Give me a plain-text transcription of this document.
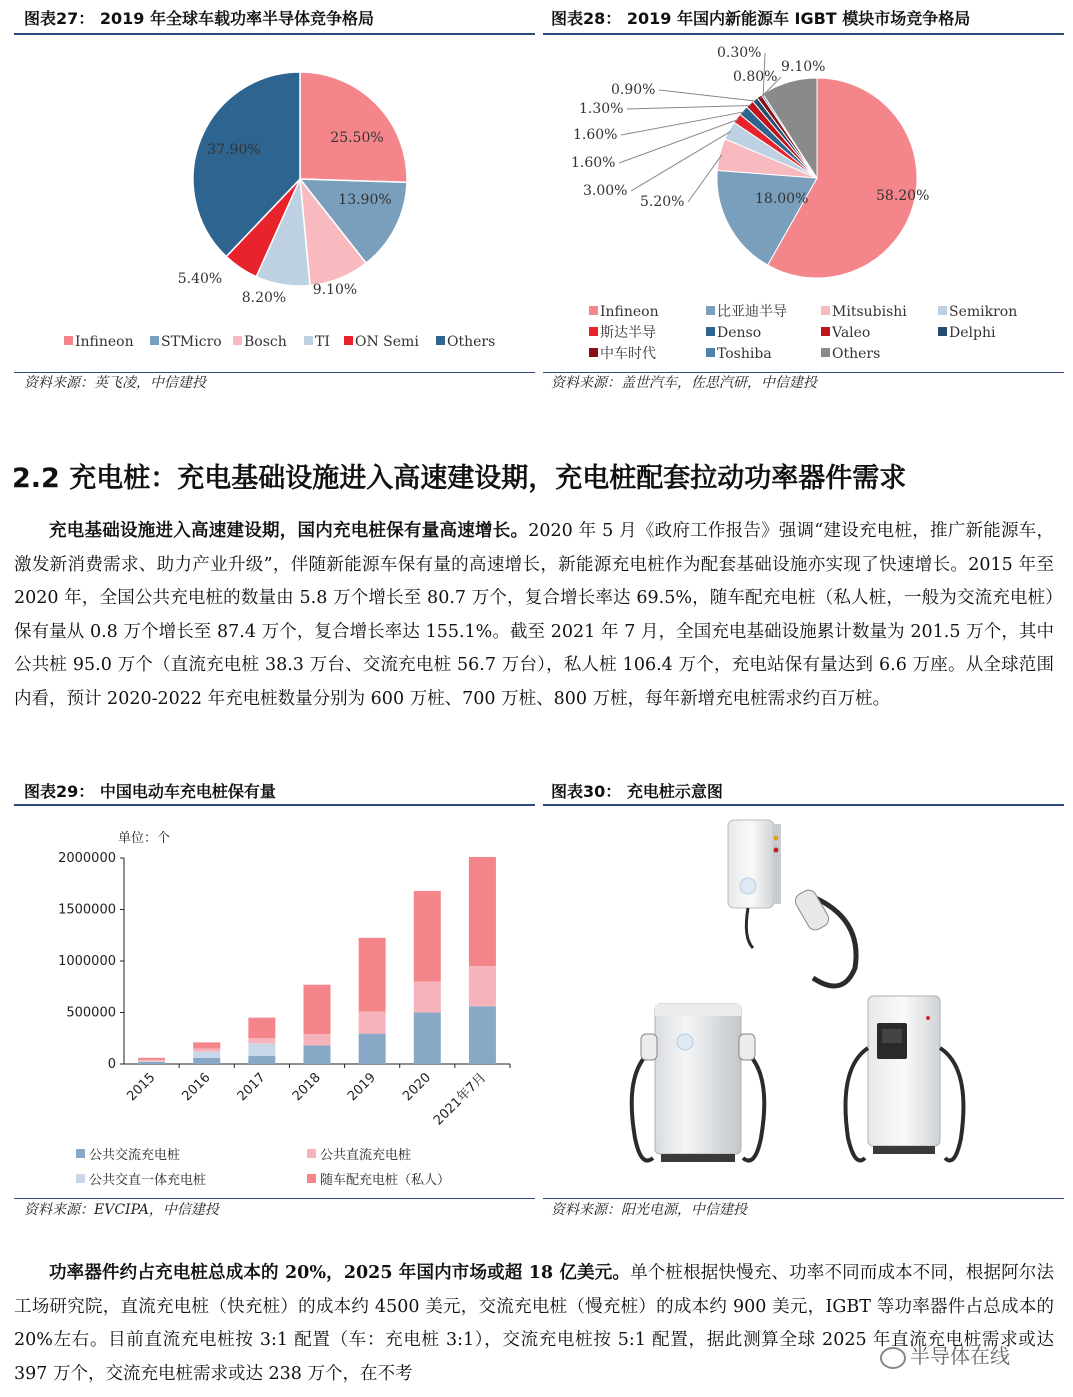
图表27： 2019 年全球车载功率半导体竞争格局	图表28： 2019 年国内新能源车 IGBT 模块市场竞争格局
25.50%
13.90%
9.10%
8.20%
5.40%
37.90%
Infineon STMicro Bosch TI ON Semi Others
58.20%
18.00%
5.20%
3.00%
1.60%
1.60%
1.30%
0.90%
0.80%
0.30%
9.10%
Infineon	比亚迪半导	Mitsubishi	Semikron
斯达半导	Denso	Valeo	Delphi
中车时代	Toshiba	Others
资料来源：英飞凌，中信建投	资料来源：盖世汽车，佐思汽研，中信建投
2.2 充电桩：充电基础设施进入高速建设期，充电桩配套拉动功率器件需求
充电基础设施进入高速建设期，国内充电桩保有量高速增长。2020 年 5 月《政府工作报告》强调“建设充电桩，推广新能源车，激发新消费需求、助力产业升级”，伴随新能源车保有量的高速增长，新能源充电桩作为配套基础设施亦实现了快速增长。2015 年至 2020 年，全国公共充电桩的数量由 5.8 万个增长至 80.7 万个，复合增长率达 69.5%，随车配充电桩（私人桩，一般为交流充电桩）保有量从 0.8 万个增长至 87.4 万个，复合增长率达 155.1%。截至 2021 年 7 月，全国充电基础设施累计数量为 201.5 万个，其中公共桩 95.0 万个（直流充电桩 38.3 万台、交流充电桩 56.7 万台），私人桩 106.4 万个，充电站保有量达到 6.6 万座。从全球范围内看，预计 2020-2022 年充电桩数量分别为 600 万桩、700 万桩、800 万桩，每年新增充电桩需求约百万桩。
图表29： 中国电动车充电桩保有量	图表30： 充电桩示意图
单位：个
0
500000
1000000
1500000
2000000
2015 2016 2017 2018 2019 2020
2021年7月
公共交流充电桩
公共交直一体充电桩
公共直流充电桩
随车配充电桩（私人）
资料来源：EVCIPA，中信建投	资料来源：阳光电源，中信建投
功率器件约占充电桩总成本的 20%，2025 年国内市场或超 18 亿美元。单个桩根据快慢充、功率不同而成本不同，根据阿尔法工场研究院，直流充电桩（快充桩）的成本约 4500 美元，交流充电桩（慢充桩）的成本约 900 美元，IGBT 等功率器件占总成本的 20%左右。目前直流充电桩按 3:1 配置（车：充电桩 3:1），交流充电桩按 5:1 配置，据此测算全球 2025 年直流充电桩需求或达 397 万个，交流充电桩需求或达 238 万个，在不考
半导体在线
